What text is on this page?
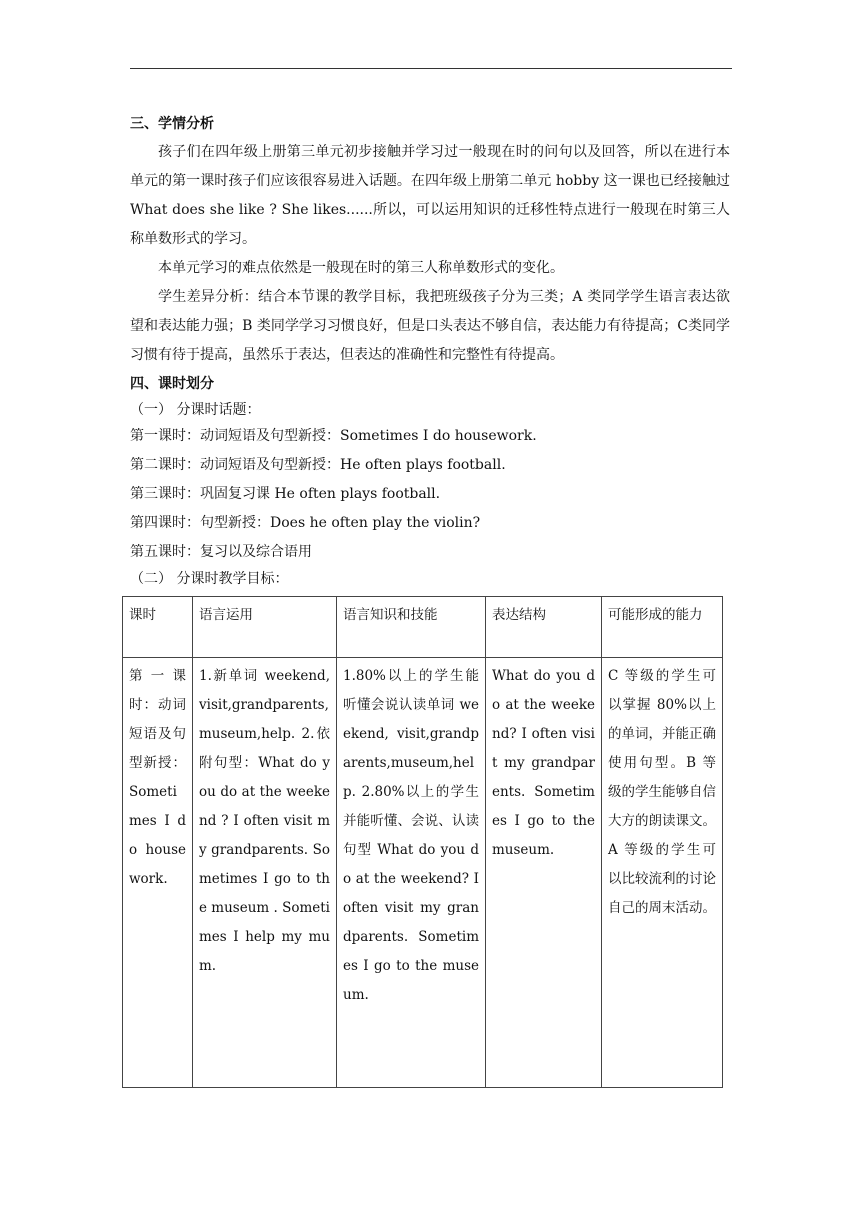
三、学情分析

孩子们在四年级上册第三单元初步接触并学习过一般现在时的问句以及回答，所以在进行本单元的第一课时孩子们应该很容易进入话题。在四年级上册第二单元 hobby 这一课也已经接触过 What does she like ? She likes......所以，可以运用知识的迁移性特点进行一般现在时第三人称单数形式的学习。

本单元学习的难点依然是一般现在时的第三人称单数形式的变化。

学生差异分析：结合本节课的教学目标，我把班级孩子分为三类；A 类同学学生语言表达欲望和表达能力强；B 类同学学习习惯良好，但是口头表达不够自信，表达能力有待提高；C类同学习惯有待于提高，虽然乐于表达，但表达的准确性和完整性有待提高。

四、课时划分

（一） 分课时话题：

第一课时：动词短语及句型新授：Sometimes I do housework.

第二课时：动词短语及句型新授：He often plays football.

第三课时：巩固复习课 He often plays football.

第四课时：句型新授：Does he often play the violin?

第五课时：复习以及综合语用

（二） 分课时教学目标：

课时	语言运用	语言知识和技能	表达结构	可能形成的能力
第一课时：动词短语及句型新授：Sometimes I do housework.	1.新单词 weekend, visit,grandparents,museum,help. 2.依附句型：What do you do at the weekend ? I often visit my grandparents. Sometimes I go to the museum . Sometimes I help my mum.	1.80%以上的学生能听懂会说认读单词 weekend, visit,grandparents,museum,help. 2.80%以上的学生并能听懂、会说、认读句型 What do you do at the weekend? I often visit my grandparents. Sometimes I go to the museum.	What do you do at the weekend? I often visit my grandparents. Sometimes I go to the museum.	C 等级的学生可以掌握 80%以上的单词，并能正确使用句型。B 等级的学生能够自信大方的朗读课文。A 等级的学生可以比较流利的讨论自己的周末活动。
